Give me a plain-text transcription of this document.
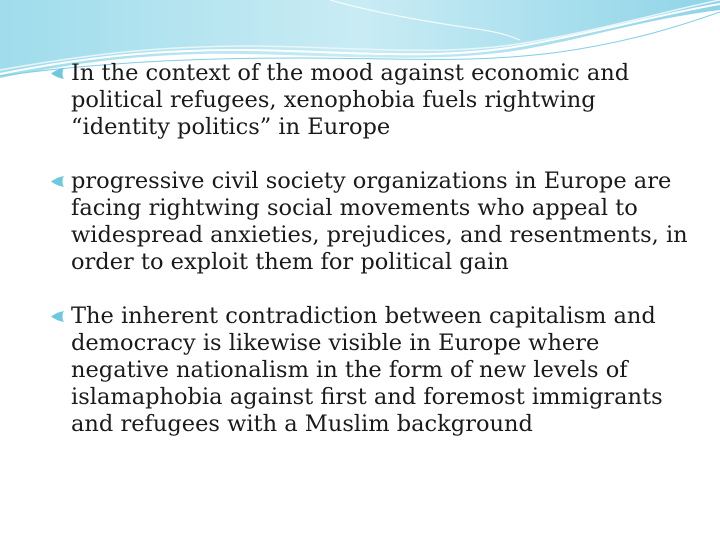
In the context of the mood against economic and political refugees, xenophobia fuels rightwing “identity politics” in Europe
progressive civil society organizations in Europe are facing rightwing social movements who appeal to widespread anxieties, prejudices, and resentments, in order to exploit them for political gain
The inherent contradiction between capitalism and democracy is likewise visible in Europe where negative nationalism in the form of new levels of islamaphobia against first and foremost immigrants and refugees with a Muslim background
